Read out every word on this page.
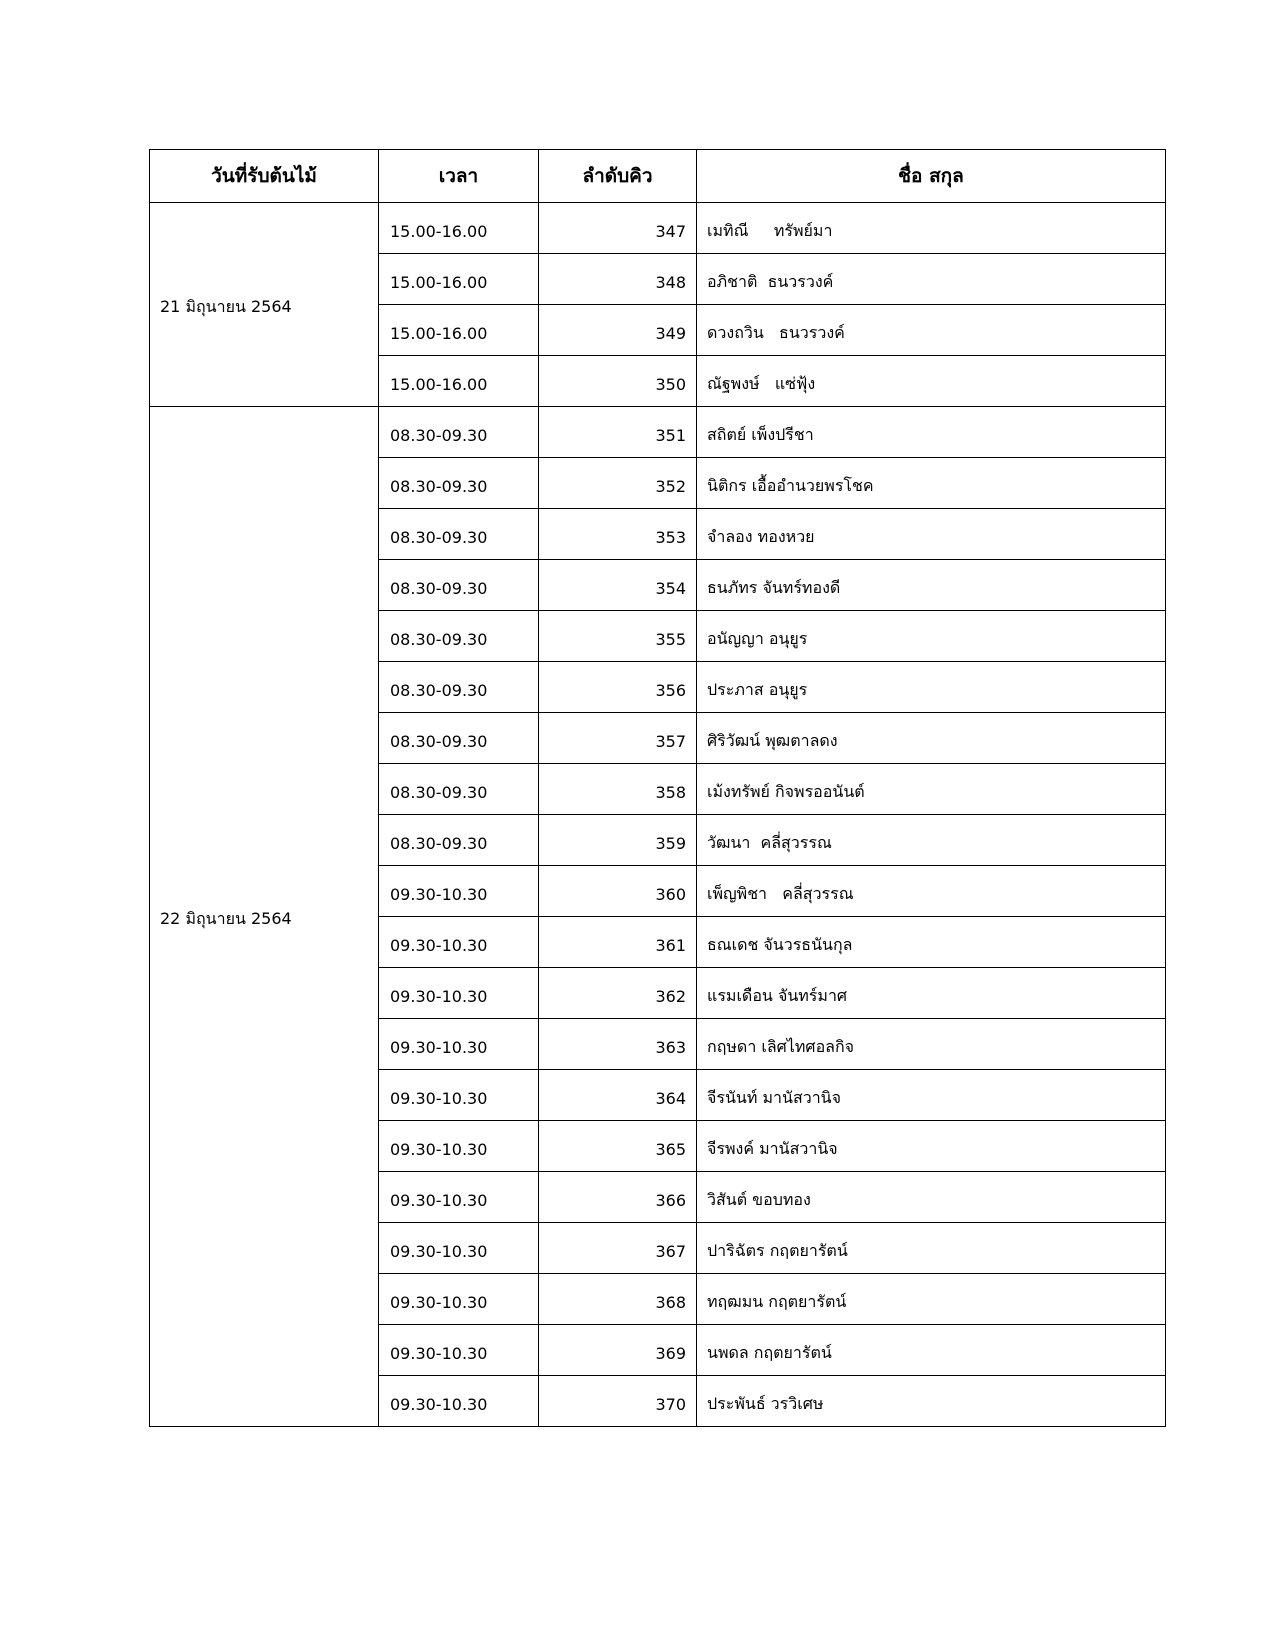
วันที่รับต้นไม้	เวลา	ลำดับคิว	ชื่อ สกุล
21 มิถุนายน 2564	15.00-16.00	347	เมทิณี     ทรัพย์มา
	15.00-16.00	348	อภิชาติ  ธนวรวงค์
	15.00-16.00	349	ดวงถวิน   ธนวรวงค์
	15.00-16.00	350	ณัฐพงษ์   แซ่ฟุ้ง
22 มิถุนายน 2564	08.30-09.30	351	สถิตย์ เพ็งปรีชา
	08.30-09.30	352	นิติกร เอื้ออำนวยพรโชค
	08.30-09.30	353	จำลอง ทองหวย
	08.30-09.30	354	ธนภัทร จันทร์ทองดี
	08.30-09.30	355	อนัญญา อนุยูร
	08.30-09.30	356	ประภาส อนุยูร
	08.30-09.30	357	ศิริวัฒน์ พุฒตาลดง
	08.30-09.30	358	เม้งทรัพย์ กิจพรออนันต์
	08.30-09.30	359	วัฒนา  คลี่สุวรรณ
	09.30-10.30	360	เพ็ญพิชา   คลี่สุวรรณ
	09.30-10.30	361	ธณเดช จันวรธนันกุล
	09.30-10.30	362	แรมเดือน จันทร์มาศ
	09.30-10.30	363	กฤษดา เลิศไทศอลกิจ
	09.30-10.30	364	จีรนันท์ มานัสวานิจ
	09.30-10.30	365	จีรพงค์ มานัสวานิจ
	09.30-10.30	366	วิสันต์ ขอบทอง
	09.30-10.30	367	ปาริฉัตร กฤตยารัตน์
	09.30-10.30	368	ทฤฒมน กฤตยารัตน์
	09.30-10.30	369	นพดล กฤตยารัตน์
	09.30-10.30	370	ประพันธ์ วรวิเศษ
